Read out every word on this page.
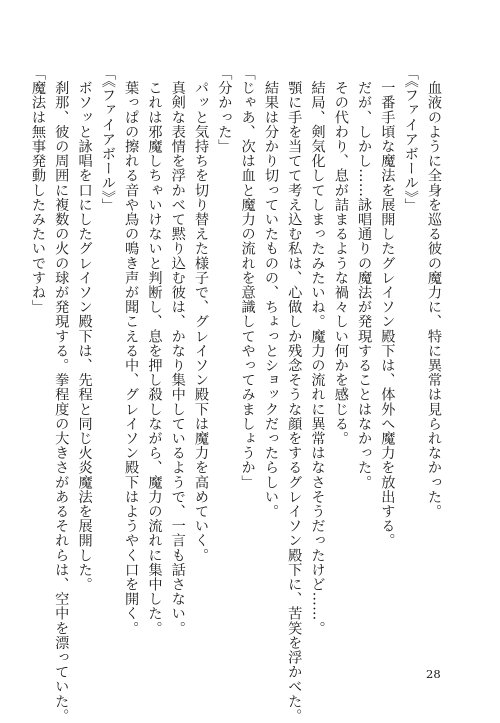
　血液のように全身を巡る彼の魔力に、特に異常は見られなかった。
「《ファイアボール》」
　一番手頃な魔法を展開したグレイソン殿下は、体外へ魔力を放出する。
　だが、しかし……詠唱通りの魔法が発現することはなかった。
　その代わり、息が詰まるような禍々しい何かを感じる。
　結局、剣気化してしまったみたいね。魔力の流れに異常はなさそうだったけど……。
　顎に手を当てて考え込む私は、心做しか残念そうな顔をするグレイソン殿下に、苦笑を浮かべた。
　結果は分かり切っていたものの、ちょっとショックだったらしい。
「じゃあ、次は血と魔力の流れを意識してやってみましょうか」
「分かった」
　パッと気持ちを切り替えた様子で、グレイソン殿下は魔力を高めていく。
　真剣な表情を浮かべて黙り込む彼は、かなり集中しているようで、一言も話さない。
　これは邪魔しちゃいけないと判断し、息を押し殺しながら、魔力の流れに集中した。
　葉っぱの擦れる音や鳥の鳴き声が聞こえる中、グレイソン殿下はようやく口を開く。
「《ファイアボール》」
　ボソッと詠唱を口にしたグレイソン殿下は、先程と同じ火炎魔法を展開した。
　刹那、彼の周囲に複数の火の球が発現する。拳程度の大きさがあるそれらは、空中を漂っていた。
「魔法は無事発動したみたいですね」
28
